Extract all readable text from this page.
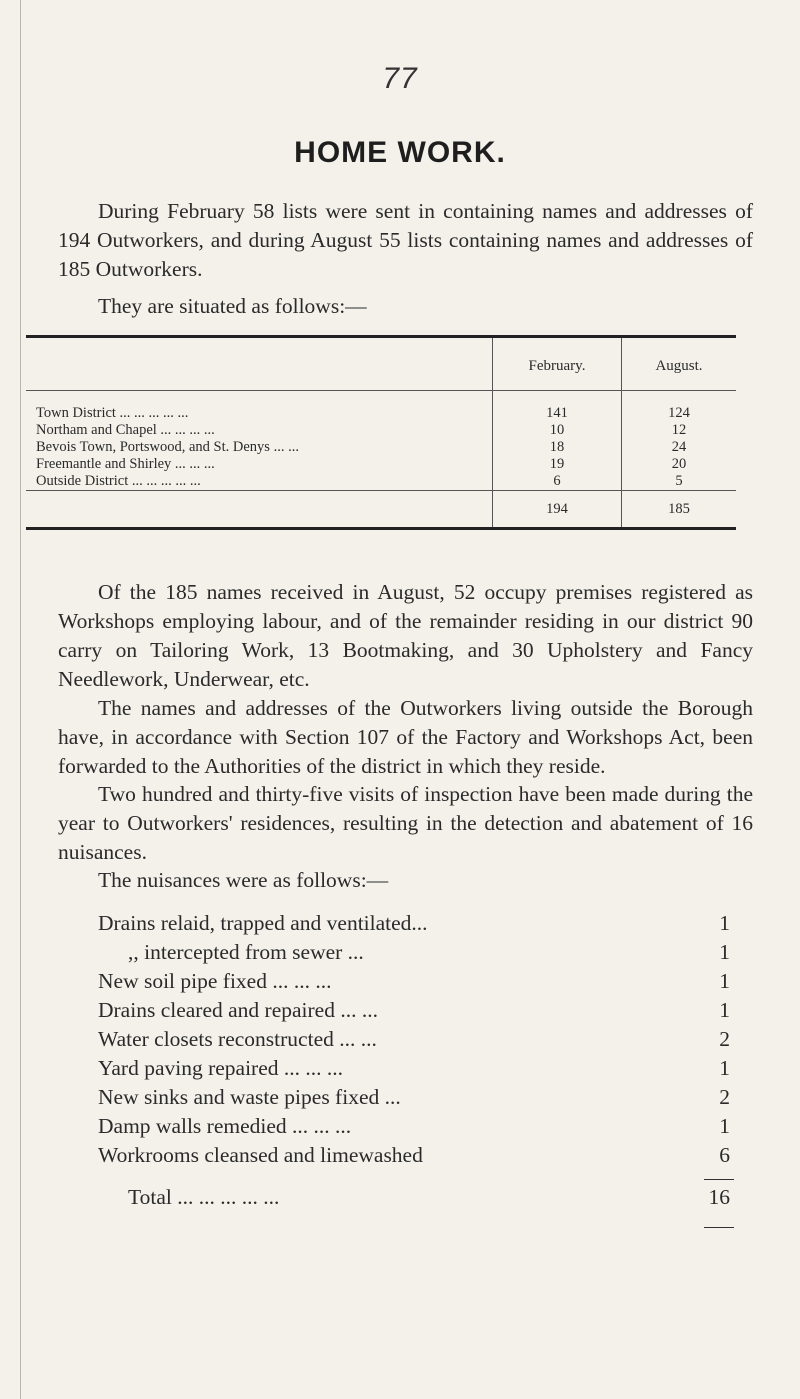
77
HOME WORK.

During February 58 lists were sent in containing names and addresses of 194 Outworkers, and during August 55 lists containing names and addresses of 185 Outworkers.

They are situated as follows:—

	February.	August.

Town District ... ... ... ... ...	141	124
Northam and Chapel ... ... ... ...	10	12
Bevois Town, Portswood, and St. Denys ... ...	18	24
Freemantle and Shirley ... ... ...	19	20
Outside District ... ... ... ... ...	6	5
	194	185

Of the 185 names received in August, 52 occupy premises registered as Workshops employing labour, and of the remainder residing in our district 90 carry on Tailoring Work, 13 Bootmaking, and 30 Upholstery and Fancy Needlework, Underwear, etc.

The names and addresses of the Outworkers living outside the Borough have, in accordance with Section 107 of the Factory and Workshops Act, been forwarded to the Authorities of the district in which they reside.

Two hundred and thirty-five visits of inspection have been made during the year to Outworkers' residences, resulting in the detection and abatement of 16 nuisances.

The nuisances were as follows:—

Drains relaid, trapped and ventilated...	1
,, intercepted from sewer ...	1
New soil pipe fixed ... ... ...	1
Drains cleared and repaired ... ...	1
Water closets reconstructed ... ...	2
Yard paving repaired ... ... ...	1
New sinks and waste pipes fixed ...	2
Damp walls remedied ... ... ...	1
Workrooms cleansed and limewashed	6
Total ... ... ... ... ...	16
